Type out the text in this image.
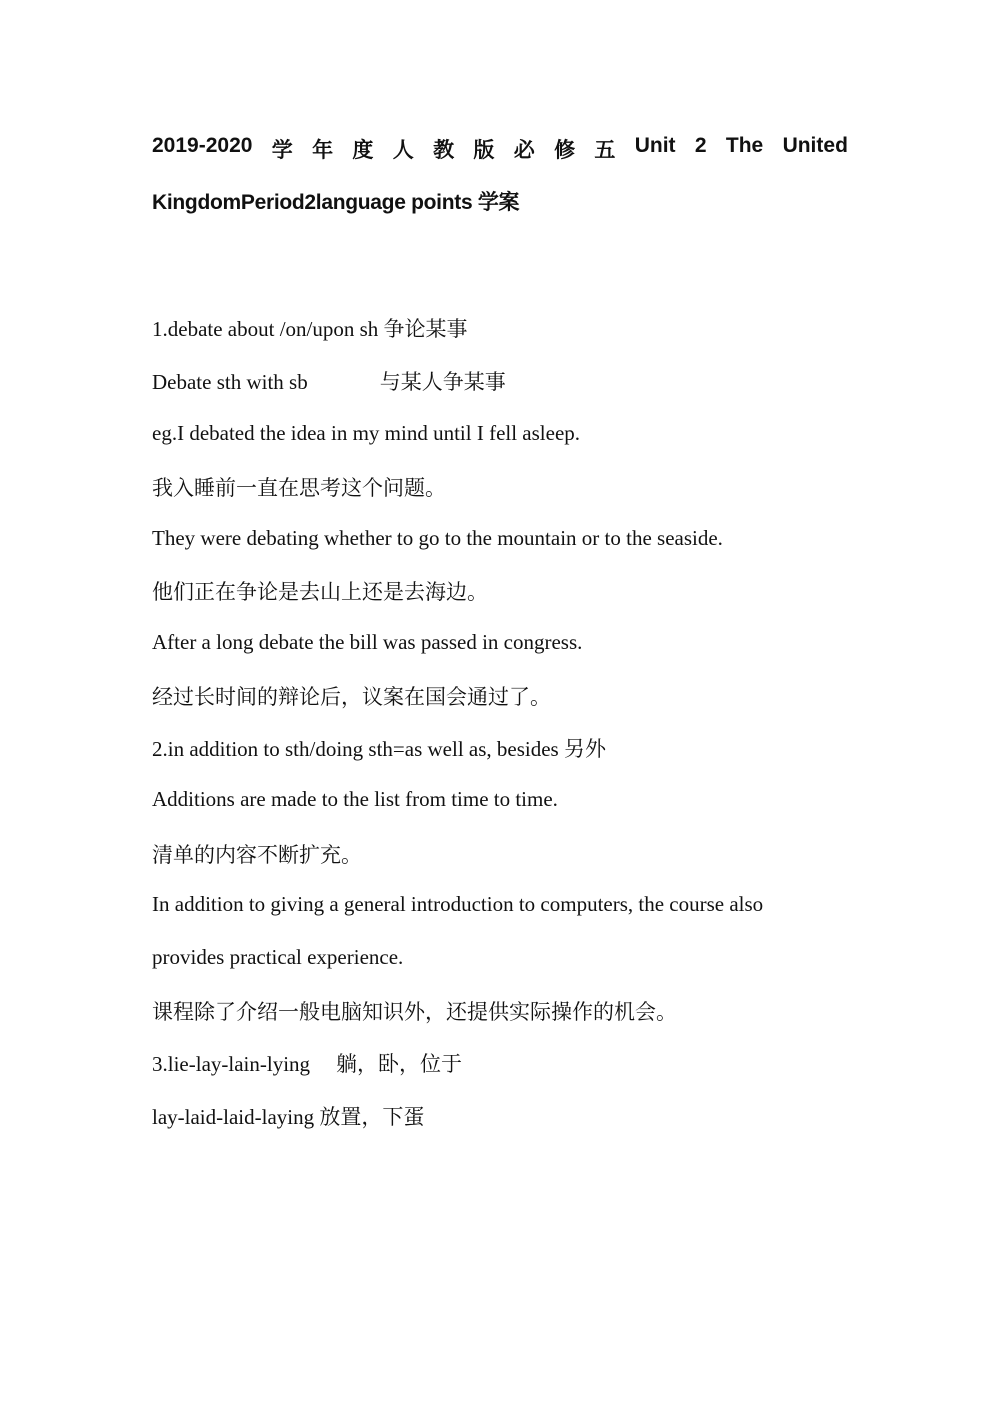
2019-2020 学 年 度 人 教 版 必 修 五 Unit 2 The United
KingdomPeriod2language points 学案
1.debate about /on/upon sh 争论某事
Debate sth with sb	与某人争某事
eg.I debated the idea in my mind until I fell asleep.
我入睡前一直在思考这个问题。
They were debating whether to go to the mountain or to the seaside.
他们正在争论是去山上还是去海边。
After a long debate the bill was passed in congress.
经过长时间的辩论后，议案在国会通过了。
2.in addition to sth/doing sth=as well as, besides 另外
Additions are made to the list from time to time.
清单的内容不断扩充。
In addition to giving a general introduction to computers, the course also
provides practical experience.
课程除了介绍一般电脑知识外，还提供实际操作的机会。
3.lie-lay-lain-lying 躺，卧，位于
lay-laid-laid-laying 放置，下蛋
